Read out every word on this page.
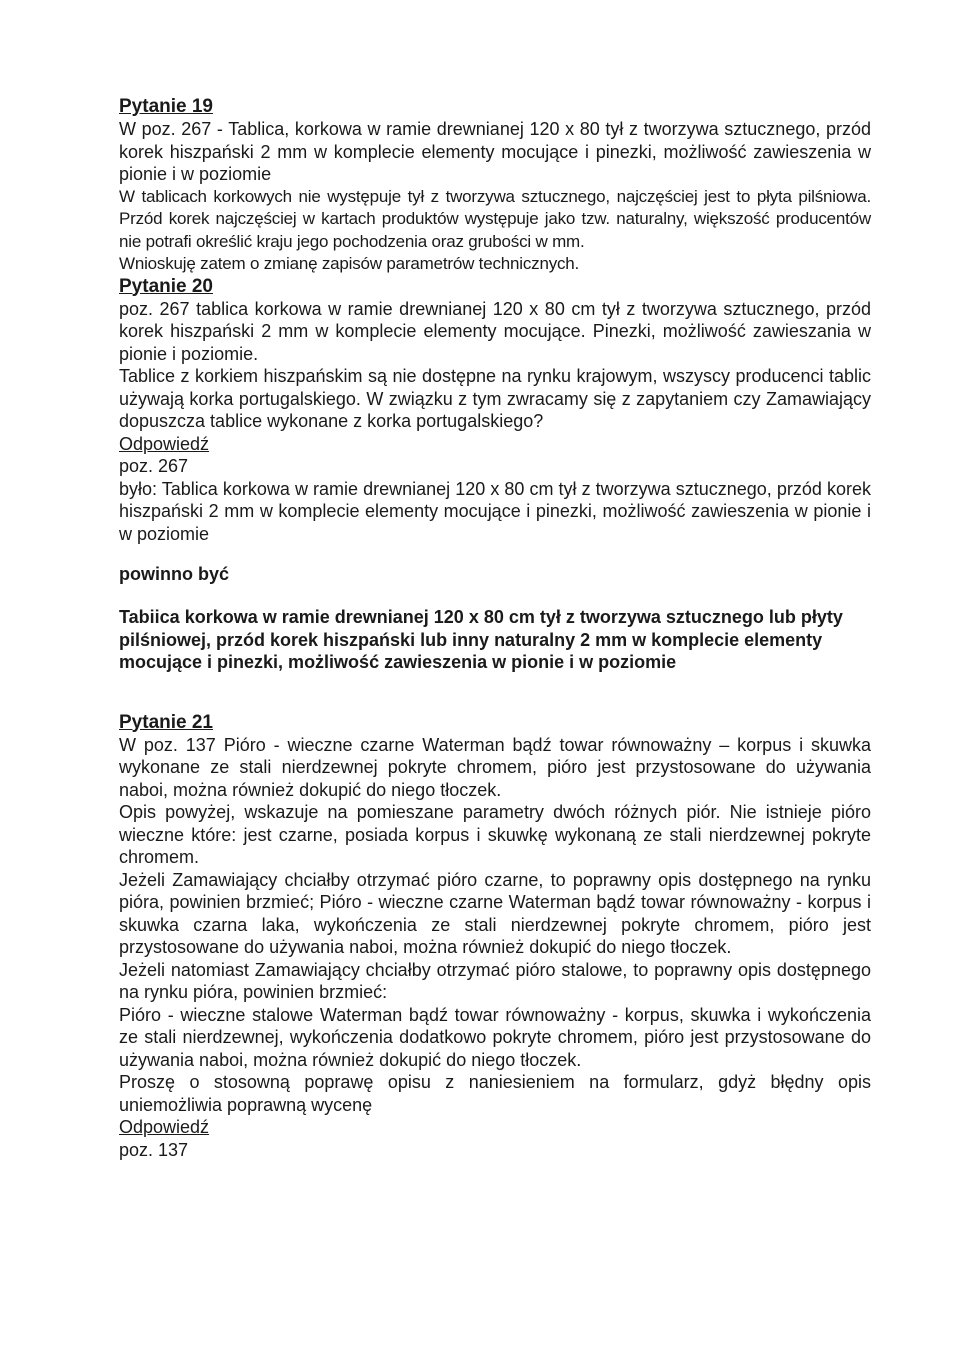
Pytanie 19

W poz. 267 - Tablica, korkowa w ramie drewnianej 120 x 80 tył z tworzywa sztucznego, przód korek hiszpański 2 mm w komplecie elementy mocujące i pinezki, możliwość zawieszenia w pionie i w poziomie

W tablicach korkowych nie występuje tył z tworzywa sztucznego, najczęściej jest to płyta pilśniowa. Przód korek najczęściej w kartach produktów występuje jako tzw. naturalny, większość producentów nie potrafi określić kraju jego pochodzenia oraz grubości w mm.

Wnioskuję zatem o zmianę zapisów parametrów technicznych.

Pytanie 20

poz. 267 tablica korkowa w ramie drewnianej 120 x 80 cm tył z tworzywa sztucznego, przód korek hiszpański 2 mm w komplecie elementy mocujące. Pinezki, możliwość zawieszania w pionie i poziomie.

Tablice z korkiem hiszpańskim są nie dostępne na rynku krajowym, wszyscy producenci tablic używają korka portugalskiego. W związku z tym zwracamy się z zapytaniem czy Zamawiający dopuszcza tablice wykonane z korka portugalskiego?

Odpowiedź

poz. 267

było: Tablica korkowa w ramie drewnianej 120 x 80 cm tył z tworzywa sztucznego, przód korek hiszpański 2 mm w komplecie elementy mocujące i pinezki, możliwość zawieszenia w pionie i w poziomie

powinno być

Tabiica korkowa w ramie drewnianej 120 x 80 cm tył z tworzywa sztucznego lub płyty pilśniowej, przód korek hiszpański lub inny naturalny 2 mm w komplecie elementy mocujące i pinezki, możliwość zawieszenia w pionie i w poziomie

Pytanie 21

W poz. 137 Pióro - wieczne czarne Waterman bądź towar równoważny – korpus i skuwka wykonane ze stali nierdzewnej pokryte chromem, pióro jest przystosowane do używania naboi, można również dokupić do niego tłoczek.

Opis powyżej, wskazuje na pomieszane parametry dwóch różnych piór. Nie istnieje pióro wieczne które: jest czarne, posiada korpus i skuwkę wykonaną ze stali nierdzewnej pokryte chromem.

Jeżeli Zamawiający chciałby otrzymać pióro czarne, to poprawny opis dostępnego na rynku pióra, powinien brzmieć; Pióro - wieczne czarne Waterman bądź towar równoważny - korpus i skuwka czarna laka, wykończenia ze stali nierdzewnej pokryte chromem, pióro jest przystosowane do używania naboi, można również dokupić do niego tłoczek.

Jeżeli natomiast Zamawiający chciałby otrzymać pióro stalowe, to poprawny opis dostępnego na rynku pióra, powinien brzmieć:

Pióro - wieczne stalowe Waterman bądź towar równoważny - korpus, skuwka i wykończenia ze stali nierdzewnej, wykończenia dodatkowo pokryte chromem, pióro jest przystosowane do używania naboi, można również dokupić do niego tłoczek.

Proszę o stosowną poprawę opisu z naniesieniem na formularz, gdyż błędny opis uniemożliwia poprawną wycenę

Odpowiedź

poz. 137
